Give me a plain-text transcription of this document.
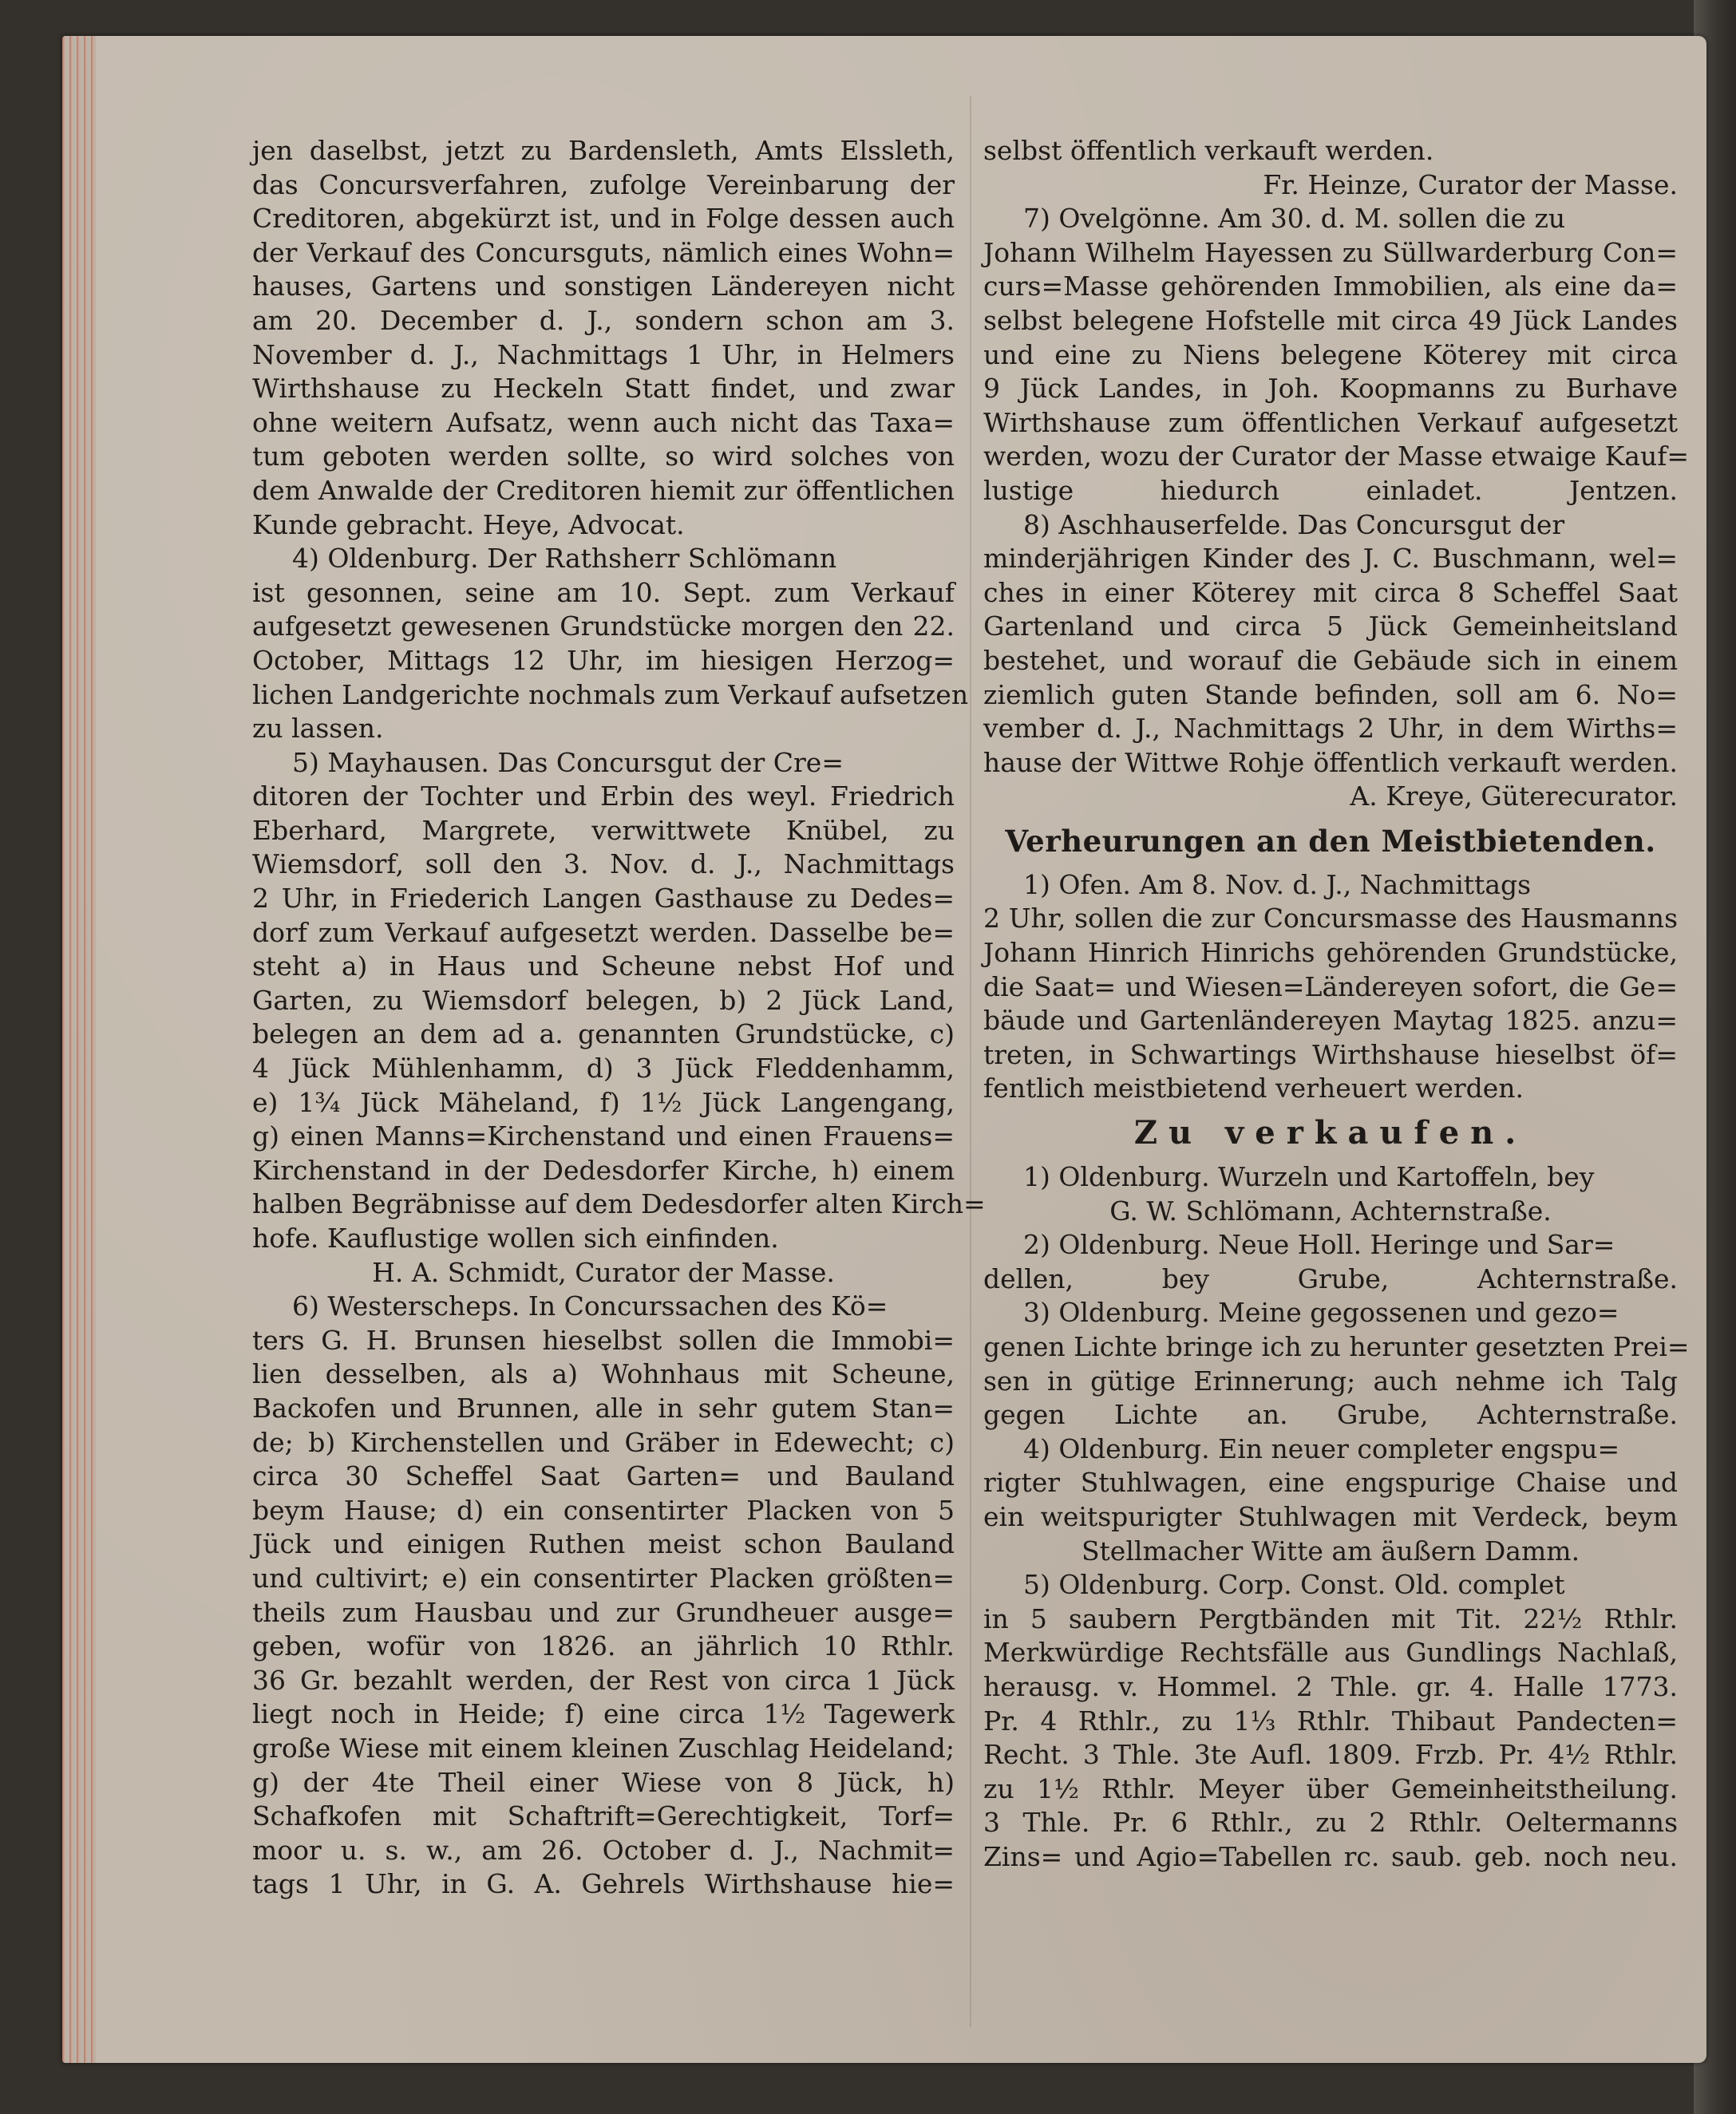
jen daselbst, jetzt zu Bardensleth, Amts Elssleth,
das Concursverfahren, zufolge Vereinbarung der
Creditoren, abgekürzt ist, und in Folge dessen auch
der Verkauf des Concursguts, nämlich eines Wohn=
hauses, Gartens und sonstigen Ländereyen nicht
am 20. December d. J., sondern schon am 3.
November d. J., Nachmittags 1 Uhr, in Helmers
Wirthshause zu Heckeln Statt findet, und zwar
ohne weitern Aufsatz, wenn auch nicht das Taxa=
tum geboten werden sollte, so wird solches von
dem Anwalde der Creditoren hiemit zur öffentlichen
Kunde gebracht. Heye, Advocat.
4) Oldenburg. Der Rathsherr Schlömann
ist gesonnen, seine am 10. Sept. zum Verkauf
aufgesetzt gewesenen Grundstücke morgen den 22.
October, Mittags 12 Uhr, im hiesigen Herzog=
lichen Landgerichte nochmals zum Verkauf aufsetzen
zu lassen.
5) Mayhausen. Das Concursgut der Cre=
ditoren der Tochter und Erbin des weyl. Friedrich
Eberhard, Margrete, verwittwete Knübel, zu
Wiemsdorf, soll den 3. Nov. d. J., Nachmittags
2 Uhr, in Friederich Langen Gasthause zu Dedes=
dorf zum Verkauf aufgesetzt werden. Dasselbe be=
steht a) in Haus und Scheune nebst Hof und
Garten, zu Wiemsdorf belegen, b) 2 Jück Land,
belegen an dem ad a. genannten Grundstücke, c)
4 Jück Mühlenhamm, d) 3 Jück Fleddenhamm,
e) 1¾ Jück Mäheland, f) 1½ Jück Langengang,
g) einen Manns=Kirchenstand und einen Frauens=
Kirchenstand in der Dedesdorfer Kirche, h) einem
halben Begräbnisse auf dem Dedesdorfer alten Kirch=
hofe. Kauflustige wollen sich einfinden.
H. A. Schmidt, Curator der Masse.
6) Westerscheps. In Concurssachen des Kö=
ters G. H. Brunsen hieselbst sollen die Immobi=
lien desselben, als a) Wohnhaus mit Scheune,
Backofen und Brunnen, alle in sehr gutem Stan=
de; b) Kirchenstellen und Gräber in Edewecht; c)
circa 30 Scheffel Saat Garten= und Bauland
beym Hause; d) ein consentirter Placken von 5
Jück und einigen Ruthen meist schon Bauland
und cultivirt; e) ein consentirter Placken größten=
theils zum Hausbau und zur Grundheuer ausge=
geben, wofür von 1826. an jährlich 10 Rthlr.
36 Gr. bezahlt werden, der Rest von circa 1 Jück
liegt noch in Heide; f) eine circa 1½ Tagewerk
große Wiese mit einem kleinen Zuschlag Heideland;
g) der 4te Theil einer Wiese von 8 Jück, h)
Schafkofen mit Schaftrift=Gerechtigkeit, Torf=
moor u. s. w., am 26. October d. J., Nachmit=
tags 1 Uhr, in G. A. Gehrels Wirthshause hie=
selbst öffentlich verkauft werden.
Fr. Heinze, Curator der Masse.
7) Ovelgönne. Am 30. d. M. sollen die zu
Johann Wilhelm Hayessen zu Süllwarderburg Con=
curs=Masse gehörenden Immobilien, als eine da=
selbst belegene Hofstelle mit circa 49 Jück Landes
und eine zu Niens belegene Köterey mit circa
9 Jück Landes, in Joh. Koopmanns zu Burhave
Wirthshause zum öffentlichen Verkauf aufgesetzt
werden, wozu der Curator der Masse etwaige Kauf=
lustige hiedurch einladet. Jentzen.
8) Aschhauserfelde. Das Concursgut der
minderjährigen Kinder des J. C. Buschmann, wel=
ches in einer Köterey mit circa 8 Scheffel Saat
Gartenland und circa 5 Jück Gemeinheitsland
bestehet, und worauf die Gebäude sich in einem
ziemlich guten Stande befinden, soll am 6. No=
vember d. J., Nachmittags 2 Uhr, in dem Wirths=
hause der Wittwe Rohje öffentlich verkauft werden.
A. Kreye, Güterecurator.
Verheurungen an den Meistbietenden.
1) Ofen. Am 8. Nov. d. J., Nachmittags
2 Uhr, sollen die zur Concursmasse des Hausmanns
Johann Hinrich Hinrichs gehörenden Grundstücke,
die Saat= und Wiesen=Ländereyen sofort, die Ge=
bäude und Gartenländereyen Maytag 1825. anzu=
treten, in Schwartings Wirthshause hieselbst öf=
fentlich meistbietend verheuert werden.
Zu verkaufen.
1) Oldenburg. Wurzeln und Kartoffeln, bey
G. W. Schlömann, Achternstraße.
2) Oldenburg. Neue Holl. Heringe und Sar=
dellen, bey Grube, Achternstraße.
3) Oldenburg. Meine gegossenen und gezo=
genen Lichte bringe ich zu herunter gesetzten Prei=
sen in gütige Erinnerung; auch nehme ich Talg
gegen Lichte an. Grube, Achternstraße.
4) Oldenburg. Ein neuer completer engspu=
rigter Stuhlwagen, eine engspurige Chaise und
ein weitspurigter Stuhlwagen mit Verdeck, beym
Stellmacher Witte am äußern Damm.
5) Oldenburg. Corp. Const. Old. complet
in 5 saubern Pergtbänden mit Tit. 22½ Rthlr.
Merkwürdige Rechtsfälle aus Gundlings Nachlaß,
herausg. v. Hommel. 2 Thle. gr. 4. Halle 1773.
Pr. 4 Rthlr., zu 1⅓ Rthlr. Thibaut Pandecten=
Recht. 3 Thle. 3te Aufl. 1809. Frzb. Pr. 4½ Rthlr.
zu 1½ Rthlr. Meyer über Gemeinheitstheilung.
3 Thle. Pr. 6 Rthlr., zu 2 Rthlr. Oeltermanns
Zins= und Agio=Tabellen rc. saub. geb. noch neu.
